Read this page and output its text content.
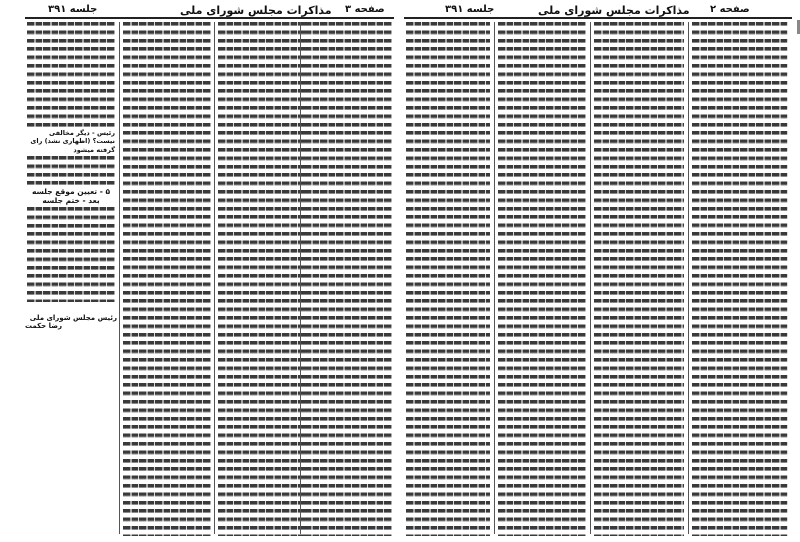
جلسه ۳۹۱	مذاکرات مجلس شورای ملی صفحه ۳
رئیس - دیگر مخالفی نیست؟ (اظهاری نشد) رای گرفته میشود
۵ - تعیین موقع جلسه بعد - ختم جلسه
رئیس مجلس شورای ملی
رضا حکمت
جلسه ۳۹۱	مذاکرات مجلس شورای ملی صفحه ۲
